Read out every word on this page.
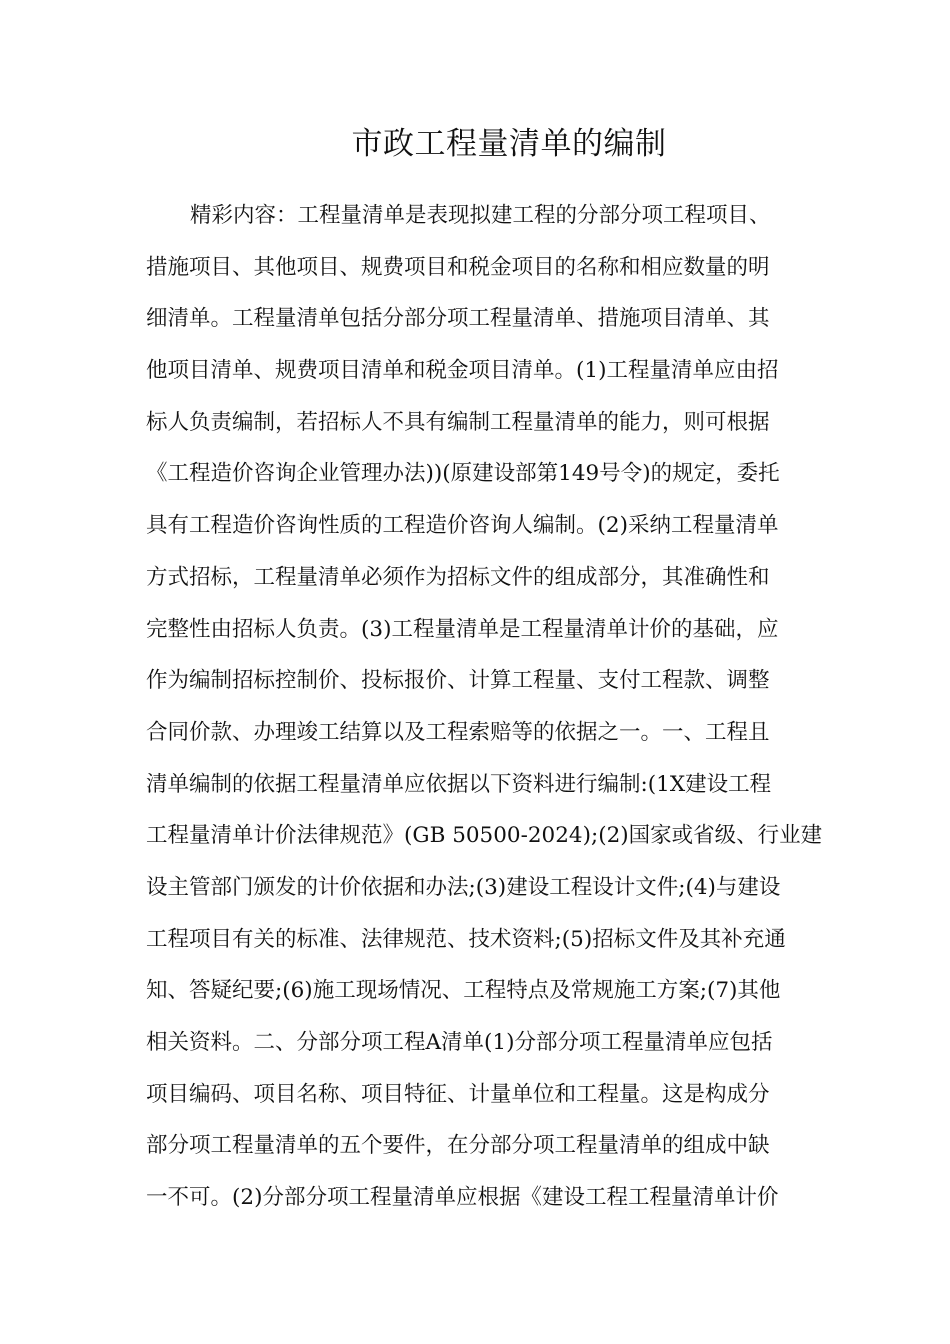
市政工程量清单的编制
精彩内容：工程量清单是表现拟建工程的分部分项工程项目、
措施项目、其他项目、规费项目和税金项目的名称和相应数量的明
细清单。工程量清单包括分部分项工程量清单、措施项目清单、其
他项目清单、规费项目清单和税金项目清单。(1)工程量清单应由招
标人负责编制，若招标人不具有编制工程量清单的能力，则可根据
《工程造价咨询企业管理办法))(原建设部第149号令)的规定，委托
具有工程造价咨询性质的工程造价咨询人编制。(2)采纳工程量清单
方式招标，工程量清单必须作为招标文件的组成部分，其准确性和
完整性由招标人负责。(3)工程量清单是工程量清单计价的基础，应
作为编制招标控制价、投标报价、计算工程量、支付工程款、调整
合同价款、办理竣工结算以及工程索赔等的依据之一。一、工程且
清单编制的依据工程量清单应依据以下资料进行编制:(1X建设工程
工程量清单计价法律规范》(GB 50500-2024);(2)国家或省级、行业建
设主管部门颁发的计价依据和办法;(3)建设工程设计文件;(4)与建设
工程项目有关的标准、法律规范、技术资料;(5)招标文件及其补充通
知、答疑纪要;(6)施工现场情况、工程特点及常规施工方案;(7)其他
相关资料。二、分部分项工程A清单(1)分部分项工程量清单应包括
项目编码、项目名称、项目特征、计量单位和工程量。这是构成分
部分项工程量清单的五个要件，在分部分项工程量清单的组成中缺
一不可。(2)分部分项工程量清单应根据《建设工程工程量清单计价
